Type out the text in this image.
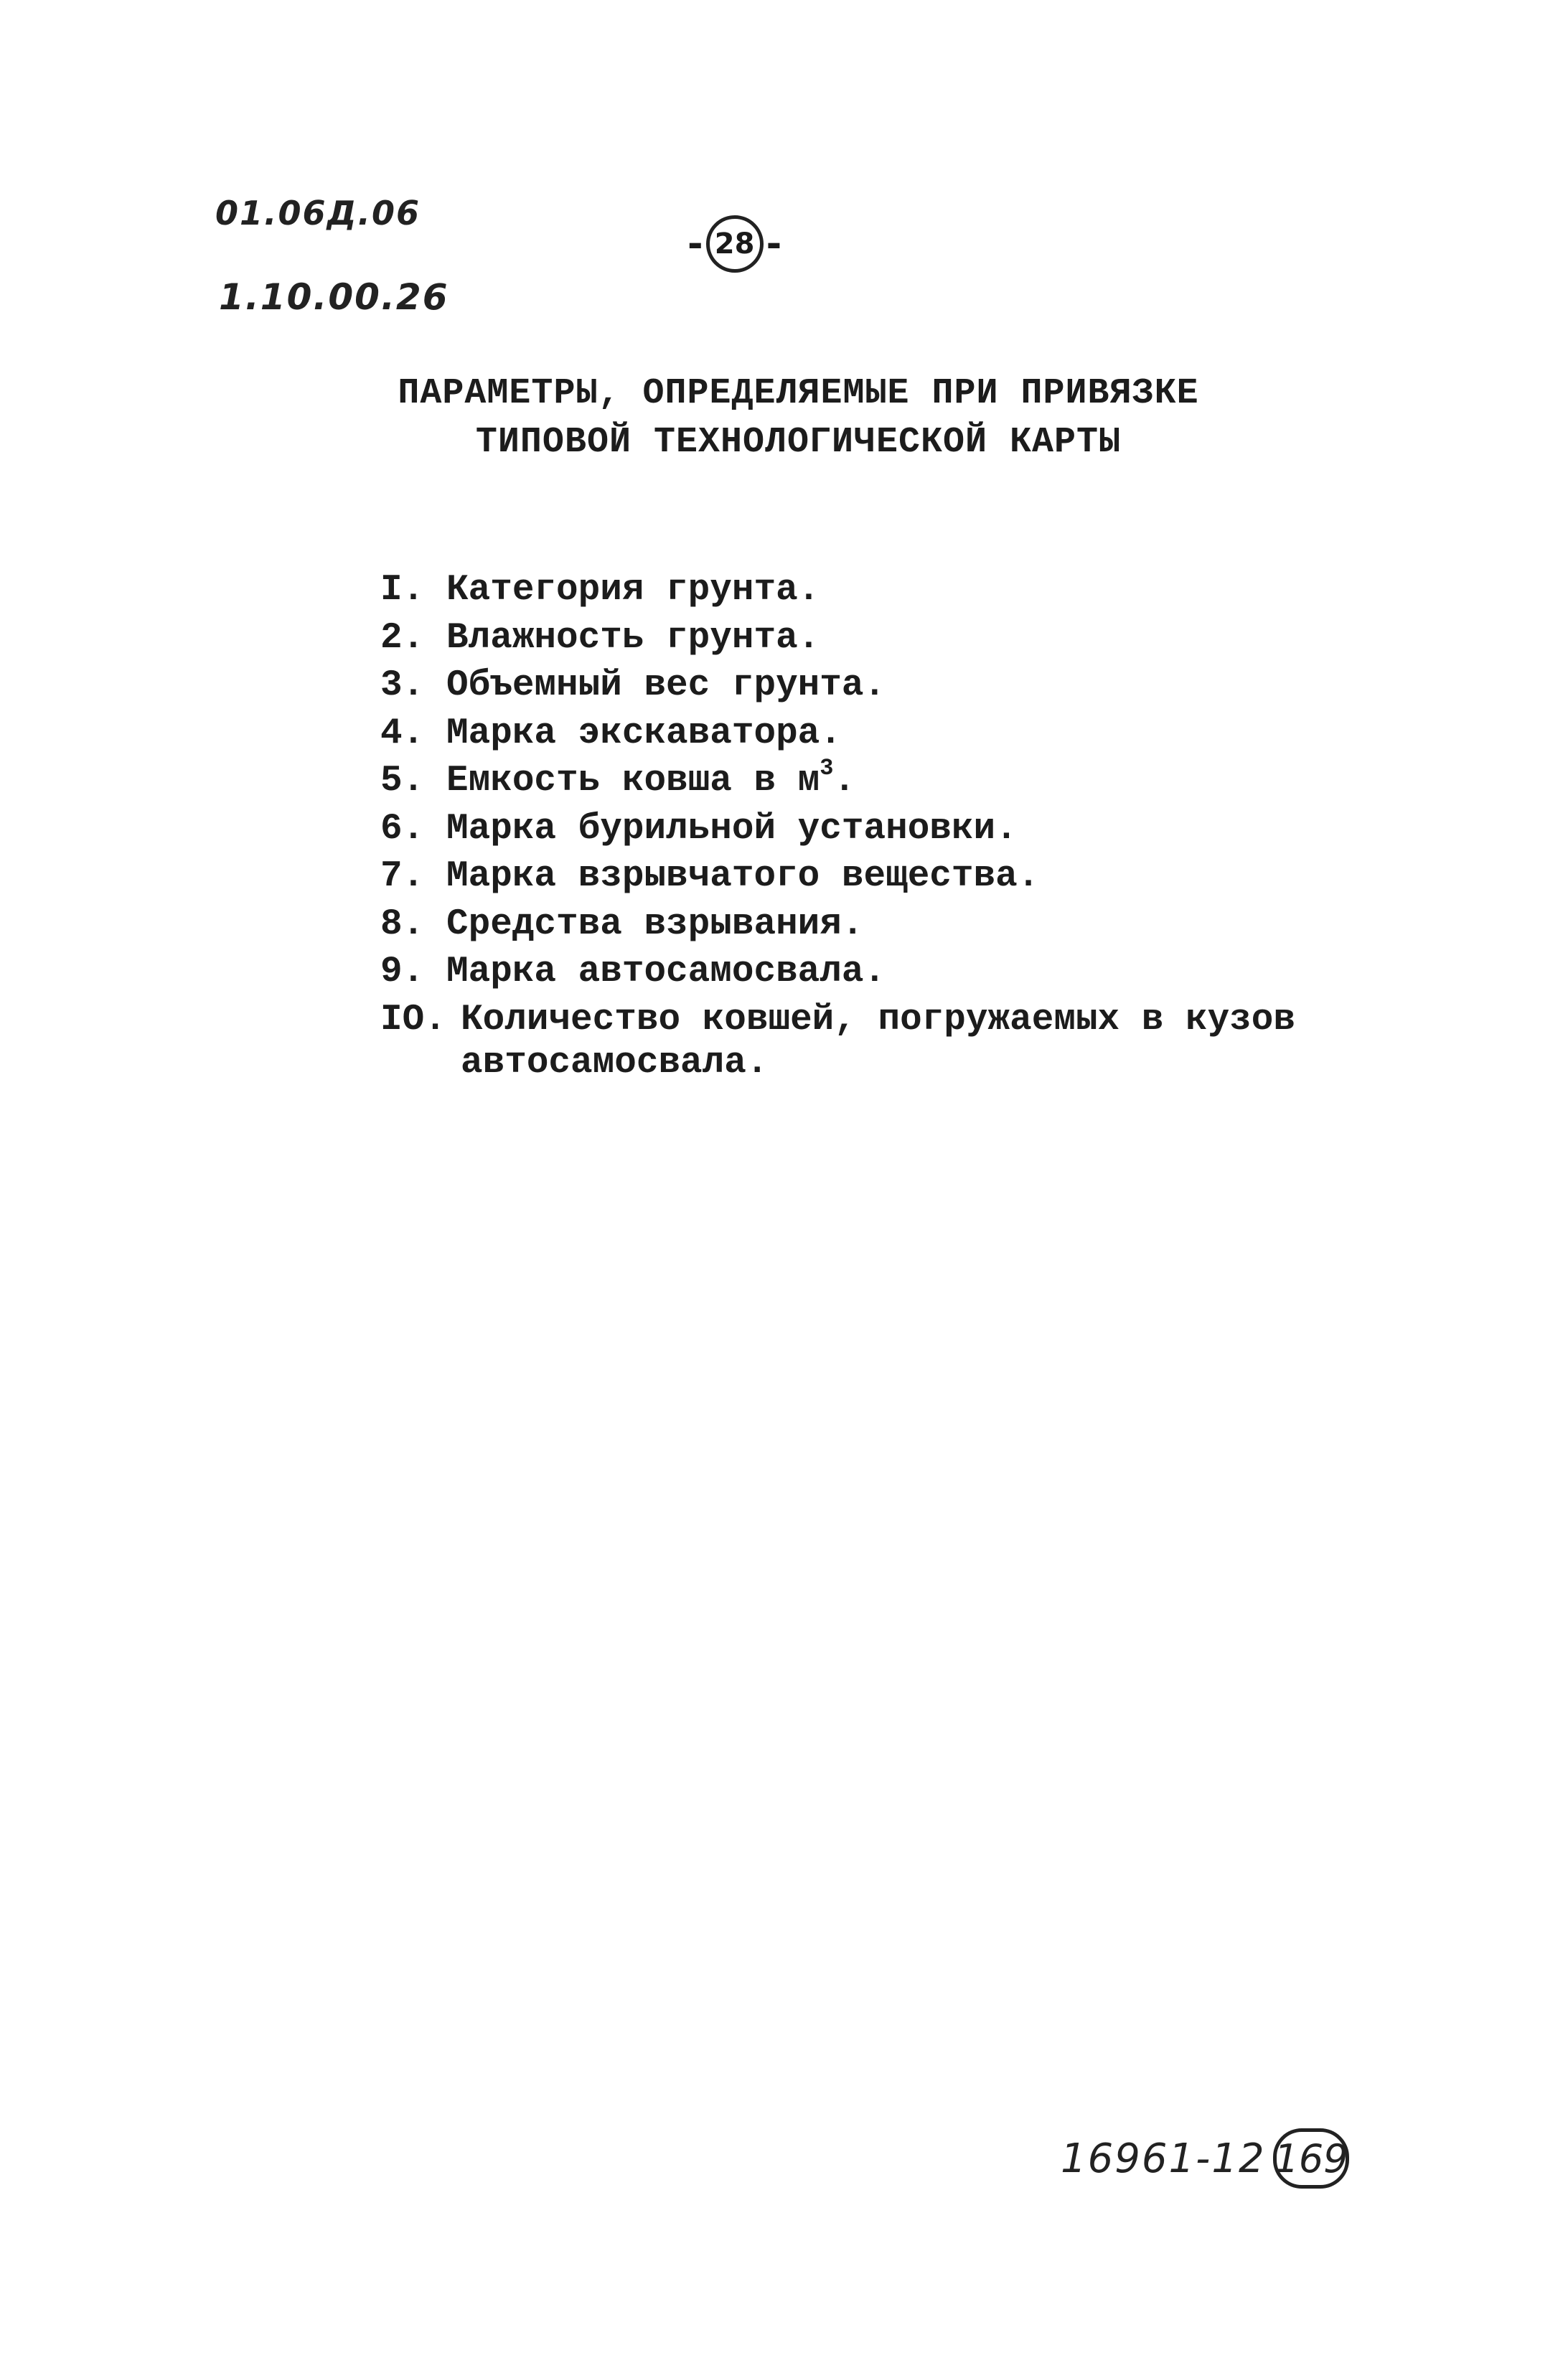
01.06Д.06
1.10.00.26
- 28 -
ПАРАМЕТРЫ, ОПРЕДЕЛЯЕМЫЕ ПРИ ПРИВЯЗКЕ
ТИПОВОЙ ТЕХНОЛОГИЧЕСКОЙ КАРТЫ
I. Категория грунта.
2. Влажность грунта.
3. Объемный вес грунта.
4. Марка экскаватора.
5. Емкость ковша в $м^3$.
6. Марка бурильной установки.
7. Марка взрывчатого вещества.
8. Средства взрывания.
9. Марка автосамосвала.
IO. Количество ковшей, погружаемых в кузов автосамосвала.
16961-12 169
